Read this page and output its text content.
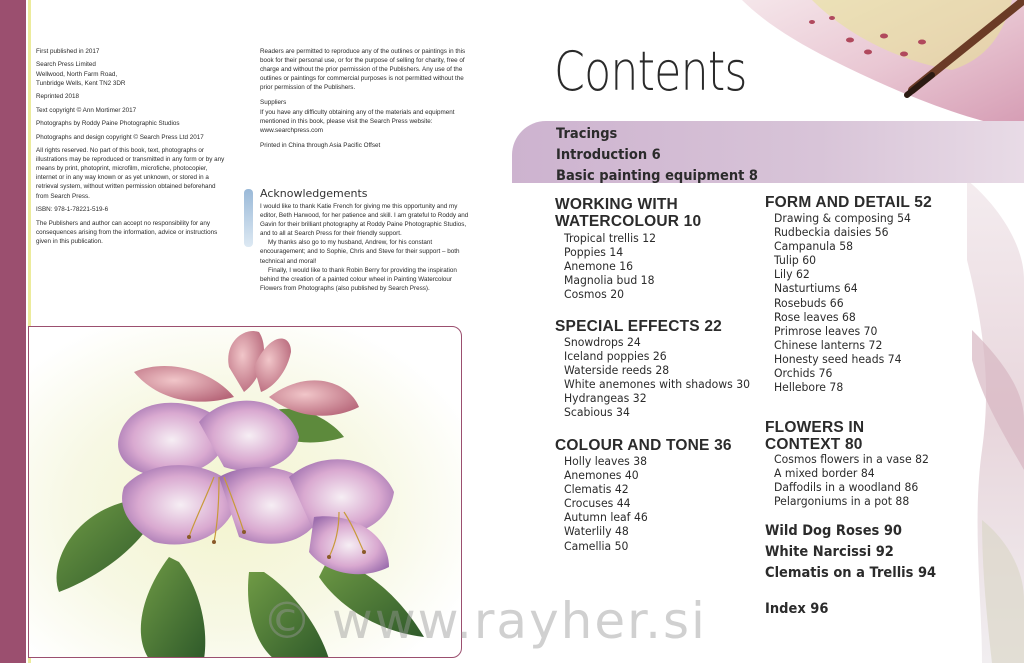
First published in 2017

Search Press Limited
Wellwood, North Farm Road,
Tunbridge Wells, Kent TN2 3DR

Reprinted 2018

Text copyright © Ann Mortimer 2017

Photographs by Roddy Paine Photographic Studios

Photographs and design copyright © Search Press Ltd 2017

All rights reserved. No part of this book, text, photographs or illustrations may be reproduced or transmitted in any form or by any means by print, photoprint, microfilm, microfiche, photocopier, internet or in any way known or as yet unknown, or stored in a retrieval system, without written permission obtained beforehand from Search Press.

ISBN: 978-1-78221-519-6

The Publishers and author can accept no responsibility for any consequences arising from the information, advice or instructions given in this publication.

Readers are permitted to reproduce any of the outlines or paintings in this book for their personal use, or for the purpose of selling for charity, free of charge and without the prior permission of the Publishers. Any use of the outlines or paintings for commercial purposes is not permitted without the prior permission of the Publishers.

Suppliers
If you have any difficulty obtaining any of the materials and equipment mentioned in this book, please visit the Search Press website: www.searchpress.com

Printed in China through Asia Pacific Offset

Acknowledgements

I would like to thank Katie French for giving me this opportunity and my editor, Beth Harwood, for her patience and skill. I am grateful to Roddy and Gavin for their brilliant photography at Roddy Paine Photographic Studios, and to all at Search Press for their friendly support.

My thanks also go to my husband, Andrew, for his constant encouragement; and to Sophie, Chris and Steve for their support – both technical and moral!

Finally, I would like to thank Robin Berry for providing the inspiration behind the creation of a painted colour wheel in Painting Watercolour Flowers from Photographs (also published by Search Press).

Contents
Tracings
Introduction 6
Basic painting equipment 8
WORKING WITH
WATERCOLOUR 10
Tropical trellis 12
Poppies 14
Anemone 16
Magnolia bud 18
Cosmos 20
SPECIAL EFFECTS 22
Snowdrops 24
Iceland poppies 26
Waterside reeds 28
White anemones with shadows 30
Hydrangeas 32
Scabious 34
COLOUR AND TONE 36
Holly leaves 38
Anemones 40
Clematis 42
Crocuses 44
Autumn leaf 46
Waterlily 48
Camellia 50
FORM AND DETAIL 52
Drawing & composing 54
Rudbeckia daisies 56
Campanula 58
Tulip 60
Lily 62
Nasturtiums 64
Rosebuds 66
Rose leaves 68
Primrose leaves 70
Chinese lanterns 72
Honesty seed heads 74
Orchids 76
Hellebore 78
FLOWERS IN
CONTEXT 80
Cosmos flowers in a vase 82
A mixed border 84
Daffodils in a woodland 86
Pelargoniums in a pot 88
Wild Dog Roses 90
White Narcissi 92
Clematis on a Trellis 94
Index 96
© www.rayher.si
